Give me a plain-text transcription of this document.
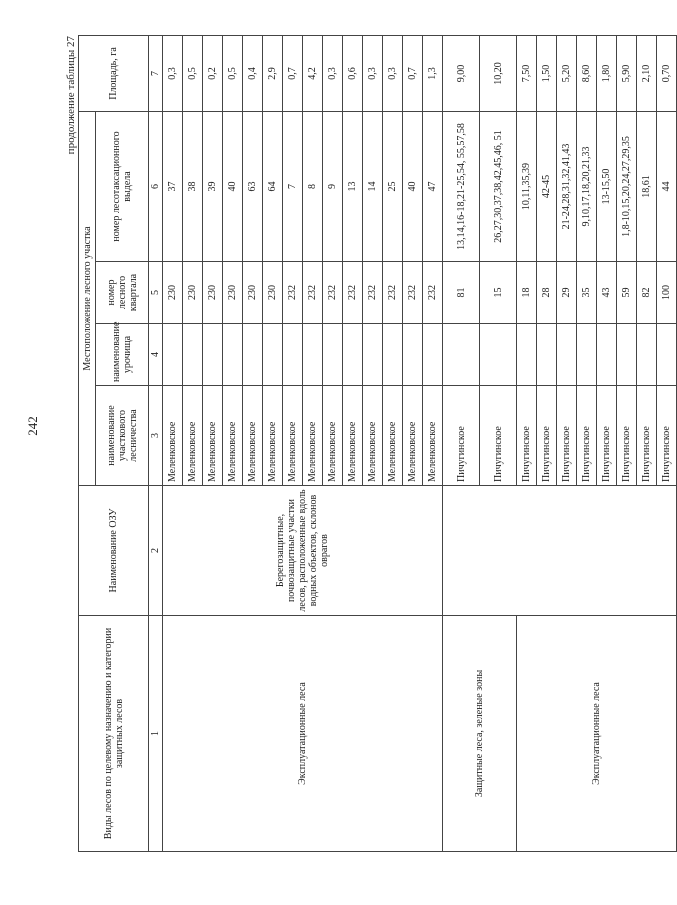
242
продолжение таблицы 27
Виды лесов по целевому назначению и категории защитных лесов	Наименование ОЗУ	Местоположение лесного участка				Площадь, га
		наименование участкового лесничества	наименование урочища	номер лесного квартала	номер лесотаксационного выдела	
1	2	3	4	5	6	7
Эксплуатационные леса	Берегозащитные, почвозащитные участки лесов, расположенные вдоль водных объектов, склонов оврагов	Меленковское		230	37	0,3
		Меленковское		230	38	0,5
		Меленковское		230	39	0,2
		Меленковское		230	40	0,5
		Меленковское		230	63	0,4
		Меленковское		230	64	2,9
		Меленковское		232	7	0,7
		Меленковское		232	8	4,2
		Меленковское		232	9	0,3
		Меленковское		232	13	0,6
		Меленковское		232	14	0,3
		Меленковское		232	25	0,3
		Меленковское		232	40	0,7
		Меленковское		232	47	1,3
Защитные леса, зеленые зоны		Пичугинское		81	13,14,16-18,21-25,54, 55,57,58	9,00
		Пичугинское		15	26,27,30,37,38,42,45,46, 51	10,20
Эксплуатационные леса		Пичугинское		18	10,11,35,39	7,50
		Пичугинское		28	42-45	1,50
		Пичугинское		29	21-24,28,31,32,41,43	5,20
		Пичугинское		35	9,10,17,18,20,21,33	8,60
		Пичугинское		43	13-15,50	1,80
		Пичугинское		59	1,8-10,15,20,24,27,29,35	5,90
		Пичугинское		82	18,61	2,10
		Пичугинское		100	44	0,70
